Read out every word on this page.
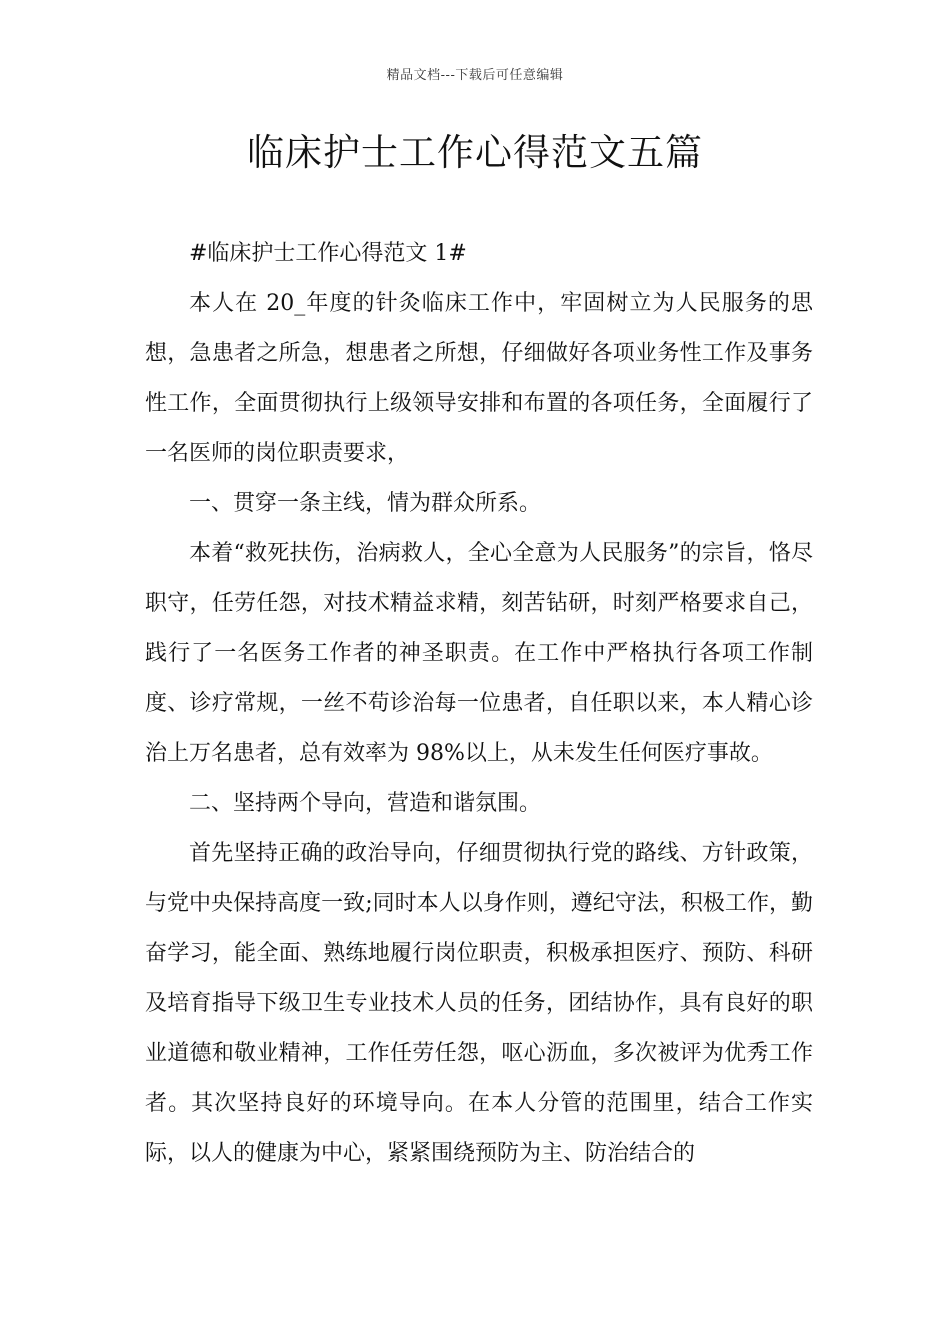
精品文档---下载后可任意编辑
临床护士工作心得范文五篇

#临床护士工作心得范文 1#

本人在 20_年度的针灸临床工作中，牢固树立为人民服务的思想，急患者之所急，想患者之所想，仔细做好各项业务性工作及事务性工作，全面贯彻执行上级领导安排和布置的各项任务，全面履行了一名医师的岗位职责要求，

一、贯穿一条主线，情为群众所系。

本着“救死扶伤，治病救人，全心全意为人民服务”的宗旨，恪尽职守，任劳任怨，对技术精益求精，刻苦钻研，时刻严格要求自己，践行了一名医务工作者的神圣职责。在工作中严格执行各项工作制度、诊疗常规，一丝不苟诊治每一位患者，自任职以来，本人精心诊治上万名患者，总有效率为 98%以上，从未发生任何医疗事故。

二、坚持两个导向，营造和谐氛围。

首先坚持正确的政治导向，仔细贯彻执行党的路线、方针政策，与党中央保持高度一致;同时本人以身作则，遵纪守法，积极工作，勤奋学习，能全面、熟练地履行岗位职责，积极承担医疗、预防、科研及培育指导下级卫生专业技术人员的任务，团结协作，具有良好的职业道德和敬业精神，工作任劳任怨，呕心沥血，多次被评为优秀工作者。其次坚持良好的环境导向。在本人分管的范围里，结合工作实际，以人的健康为中心，紧紧围绕预防为主、防治结合的
